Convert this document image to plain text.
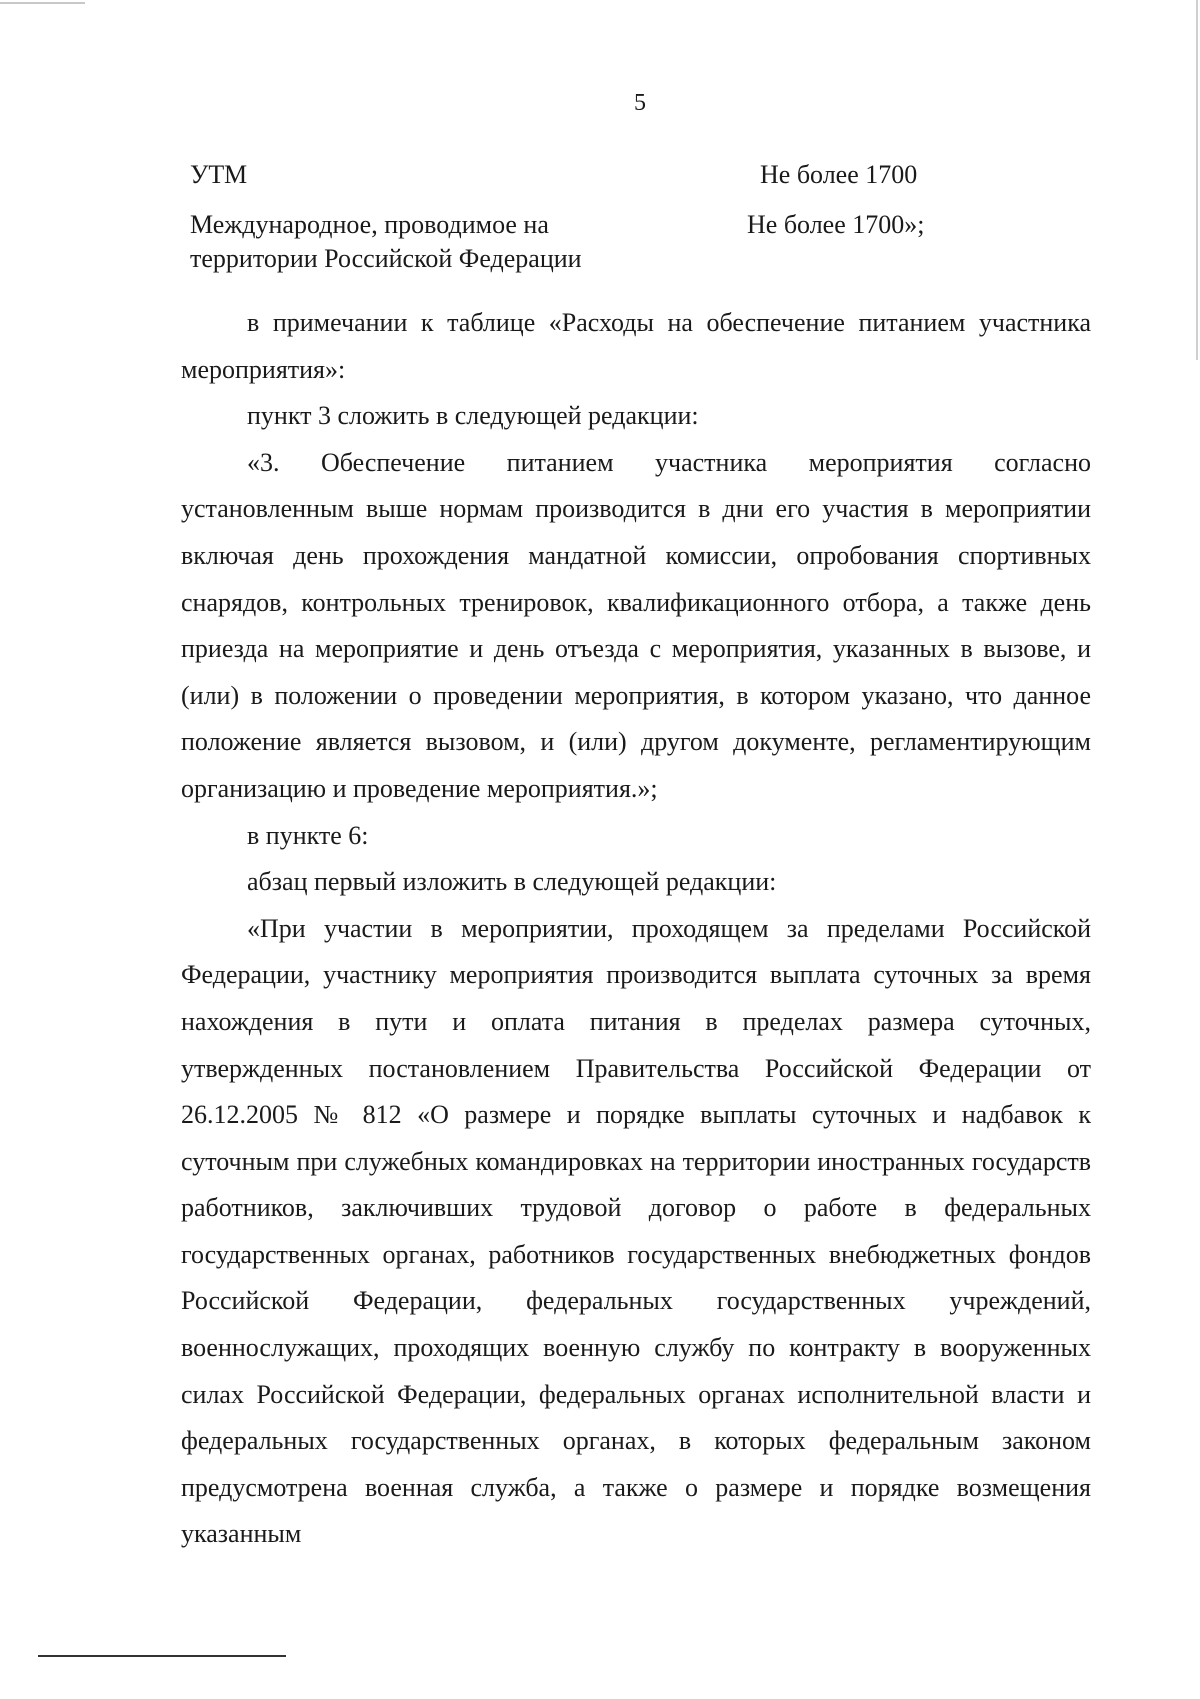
5
УТМ	Не более 1700
Международное, проводимое на территории Российской Федерации
Не более 1700»;

в примечании к таблице «Расходы на обеспечение питанием участника мероприятия»:

пункт 3 сложить в следующей редакции:

«3. Обеспечение питанием участника мероприятия согласно установленным выше нормам производится в дни его участия в мероприятии включая день прохождения мандатной комиссии, опробования спортивных снарядов, контрольных тренировок, квалификационного отбора, а также день приезда на мероприятие и день отъезда с мероприятия, указанных в вызове, и (или) в положении о проведении мероприятия, в котором указано, что данное положение является вызовом, и (или) другом документе, регламентирующим организацию и проведение мероприятия.»;

в пункте 6:

абзац первый изложить в следующей редакции:

«При участии в мероприятии, проходящем за пределами Российской Федерации, участнику мероприятия производится выплата суточных за время нахождения в пути и оплата питания в пределах размера суточных, утвержденных постановлением Правительства Российской Федерации от 26.12.2005 № 812 «О размере и порядке выплаты суточных и надбавок к суточным при служебных командировках на территории иностранных государств работников, заключивших трудовой договор о работе в федеральных государственных органах, работников государственных внебюджетных фондов Российской Федерации, федеральных государственных учреждений, военнослужащих, проходящих военную службу по контракту в вооруженных силах Российской Федерации, федеральных органах исполнительной власти и федеральных государственных органах, в которых федеральным законом предусмотрена военная служба, а также о размере и порядке возмещения указанным
